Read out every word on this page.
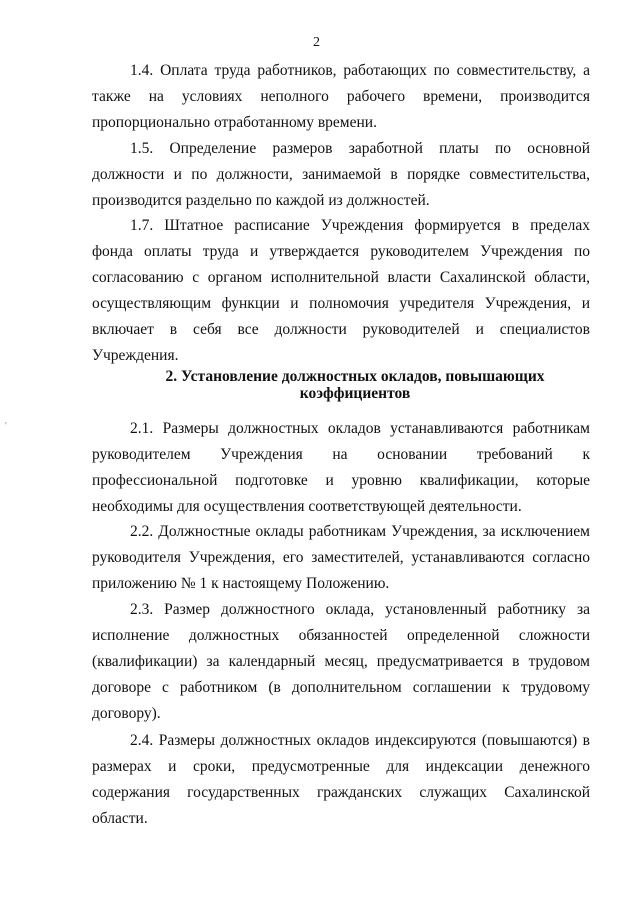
2

1.4. Оплата труда работников, работающих по совместительству, а также на условиях неполного рабочего времени, производится пропорционально отработанному времени.

1.5. Определение размеров заработной платы по основной должности и по должности, занимаемой в порядке совместительства, производится раздельно по каждой из должностей.

1.7. Штатное расписание Учреждения формируется в пределах фонда оплаты труда и утверждается руководителем Учреждения по согласованию с органом исполнительной власти Сахалинской области, осуществляющим функции и полномочия учредителя Учреждения, и включает в себя все должности руководителей и специалистов Учреждения.

2. Установление должностных окладов, повышающих коэффициентов

2.1. Размеры должностных окладов устанавливаются работникам руководителем Учреждения на основании требований к профессиональной подготовке и уровню квалификации, которые необходимы для осуществления соответствующей деятельности.

2.2. Должностные оклады работникам Учреждения, за исключением руководителя Учреждения, его заместителей, устанавливаются согласно приложению № 1 к настоящему Положению.

2.3. Размер должностного оклада, установленный работнику за исполнение должностных обязанностей определенной сложности (квалификации) за календарный месяц, предусматривается в трудовом договоре с работником (в дополнительном соглашении к трудовому договору).

2.4. Размеры должностных окладов индексируются (повышаются) в размерах и сроки, предусмотренные для индексации денежного содержания государственных гражданских служащих Сахалинской области.

'
